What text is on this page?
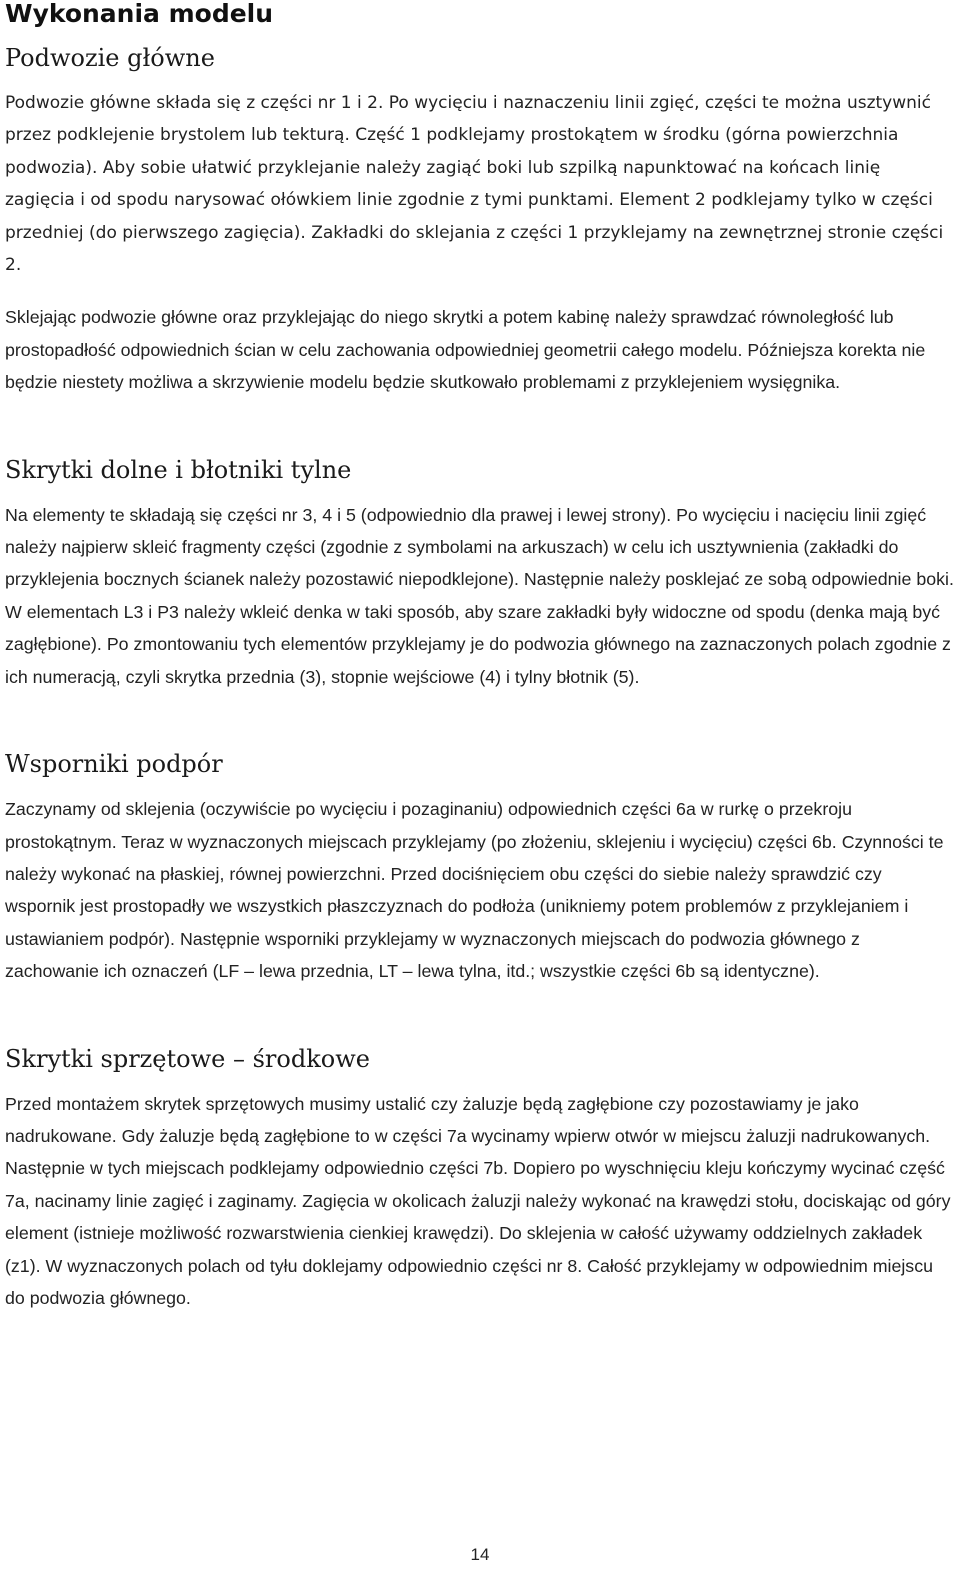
Wykonania modelu
Podwozie główne

Podwozie główne składa się z części nr 1 i 2. Po wycięciu i naznaczeniu linii zgięć, części te można usztywnić przez podklejenie brystolem lub tekturą. Część 1 podklejamy prostokątem w środku (górna powierzchnia podwozia). Aby sobie ułatwić przyklejanie należy zagiąć boki lub szpilką napunktować na końcach linię zagięcia i od spodu narysować ołówkiem linie zgodnie z tymi punktami. Element 2 podklejamy tylko w części przedniej (do pierwszego zagięcia). Zakładki do sklejania z części 1 przyklejamy na zewnętrznej stronie części 2.

Sklejając podwozie główne oraz przyklejając do niego skrytki a potem kabinę należy sprawdzać równoległość lub prostopadłość odpowiednich ścian w celu zachowania odpowiedniej geometrii całego modelu. Późniejsza korekta nie będzie niestety możliwa a skrzywienie modelu będzie skutkowało problemami z przyklejeniem wysięgnika.

Skrytki dolne i błotniki tylne

Na elementy te składają się części nr 3, 4 i 5 (odpowiednio dla prawej i lewej strony). Po wycięciu i nacięciu linii zgięć należy najpierw skleić fragmenty części (zgodnie z symbolami na arkuszach) w celu ich usztywnienia (zakładki do przyklejenia bocznych ścianek należy pozostawić niepodklejone). Następnie należy posklejać ze sobą odpowiednie boki. W elementach L3 i P3 należy wkleić denka w taki sposób, aby szare zakładki były widoczne od spodu (denka mają być zagłębione). Po zmontowaniu tych elementów przyklejamy je do podwozia głównego na zaznaczonych polach zgodnie z ich numeracją, czyli skrytka przednia (3), stopnie wejściowe (4) i tylny błotnik (5).

Wsporniki podpór

Zaczynamy od sklejenia (oczywiście po wycięciu i pozaginaniu) odpowiednich części 6a w rurkę o przekroju prostokątnym. Teraz w wyznaczonych miejscach przyklejamy (po złożeniu, sklejeniu i wycięciu) części 6b. Czynności te należy wykonać na płaskiej, równej powierzchni. Przed dociśnięciem obu części do siebie należy sprawdzić czy wspornik jest prostopadły we wszystkich płaszczyznach do podłoża (unikniemy potem problemów z przyklejaniem i ustawianiem podpór). Następnie wsporniki przyklejamy w wyznaczonych miejscach do podwozia głównego z zachowanie ich oznaczeń (LF – lewa przednia, LT – lewa tylna, itd.; wszystkie części 6b są identyczne).

Skrytki sprzętowe – środkowe

Przed montażem skrytek sprzętowych musimy ustalić czy żaluzje będą zagłębione czy pozostawiamy je jako nadrukowane. Gdy żaluzje będą zagłębione to w części 7a wycinamy wpierw otwór w miejscu żaluzji nadrukowanych. Następnie w tych miejscach podklejamy odpowiednio części 7b. Dopiero po wyschnięciu kleju kończymy wycinać część 7a, nacinamy linie zagięć i zaginamy. Zagięcia w okolicach żaluzji należy wykonać na krawędzi stołu, dociskając od góry element (istnieje możliwość rozwarstwienia cienkiej krawędzi). Do sklejenia w całość używamy oddzielnych zakładek (z1). W wyznaczonych polach od tyłu doklejamy odpowiednio części nr 8. Całość przyklejamy w odpowiednim miejscu do podwozia głównego.

14
